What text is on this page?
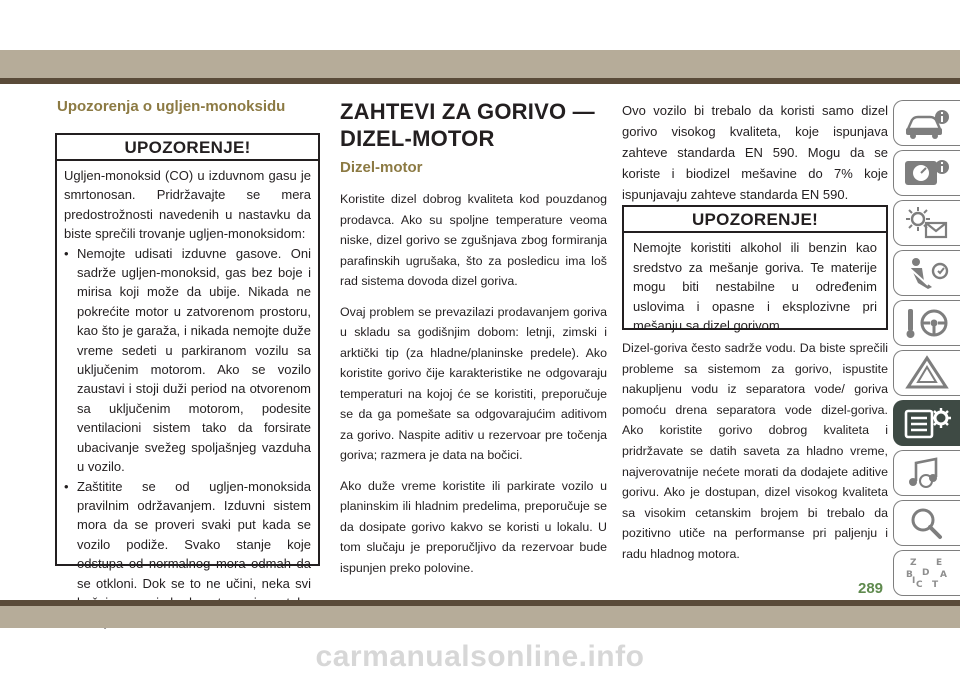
Upozorenja o ugljen-monoksidu
UPOZORENJE!

Ugljen-monoksid (CO) u izduvnom gasu je smrtonosan. Pridržavajte se mera predostrožnosti navedenih u nastavku da biste sprečili trovanje ugljen-monoksidom:

• Nemojte udisati izduvne gasove. Oni sadrže ugljen-monoksid, gas bez boje i mirisa koji može da ubije. Nikada ne pokrećite motor u zatvorenom prostoru, kao što je garaža, i nikada nemojte duže vreme sedeti u parkiranom vozilu sa uključenim motorom. Ako se vozilo zaustavi i stoji duži period na otvorenom sa uključenim motorom, podesite ventilacioni sistem tako da forsirate ubacivanje svežeg spoljašnjeg vazduha u vozilo.
• Zaštitite se od ugljen-monoksida pravilnim održavanjem. Izduvni sistem mora da se proveri svaki put kada se vozilo podiže. Svako stanje koje odstupa od normalnog mora odmah da se otkloni. Dok se to ne učini, neka svi
ZAHTEVI ZA GORIVO — DIZEL-MOTOR
Dizel-motor

Koristite dizel dobrog kvaliteta kod pouzdanog prodavca. Ako su spoljne temperature veoma niske, dizel gorivo se zgušnjava zbog formiranja parafinskih ugrušaka, što za posledicu ima loš rad sistema dovoda dizel goriva.

Ovaj problem se prevazilazi prodavanjem goriva u skladu sa godišnjim dobom: letnji, zimski i arktički tip (za hladne/planinske predele). Ako koristite gorivo čije karakteristike ne odgovaraju temperaturi na kojoj će se koristiti, preporučuje se da ga pomešate sa odgovarajućim aditivom za gorivo. Naspite aditiv u rezervoar pre točenja goriva; razmera je data na bočici.

Ako duže vreme koristite ili parkirate vozilo u planinskim ili hladnim predelima, preporučuje se da dosipate gorivo kakvo se koristi u lokalu. U tom slučaju je preporučljivo da rezervoar bude ispunjen preko polovine.

Ovo vozilo bi trebalo da koristi samo dizel gorivo visokog kvaliteta, koje ispunjava zahteve standarda EN 590. Mogu da se koriste i biodizel mešavine do 7% koje ispunjavaju zahteve standarda EN 590.
UPOZORENJE!
Nemojte koristiti alkohol ili benzin kao sredstvo za mešanje goriva. Te materije mogu biti nestabilne u određenim uslovima i opasne i eksplozivne pri mešanju sa dizel gorivom.
Dizel-goriva često sadrže vodu. Da biste sprečili probleme sa sistemom za gorivo, ispustite nakupljenu vodu iz separatora vode/ goriva pomoću drena separatora vode dizel-goriva. Ako koristite gorivo dobrog kvaliteta i pridržavate se datih saveta za hladno vreme, najverovatnije nećete morati da dodajete aditive gorivu. Ako je dostupan, dizel visokog kvaliteta sa visokim cetanskim brojem bi trebalo da pozitivno utiče na performanse pri paljenju i radu hladnog motora.
Z E
B D A
C T
I
289
carmanualsonline.info
